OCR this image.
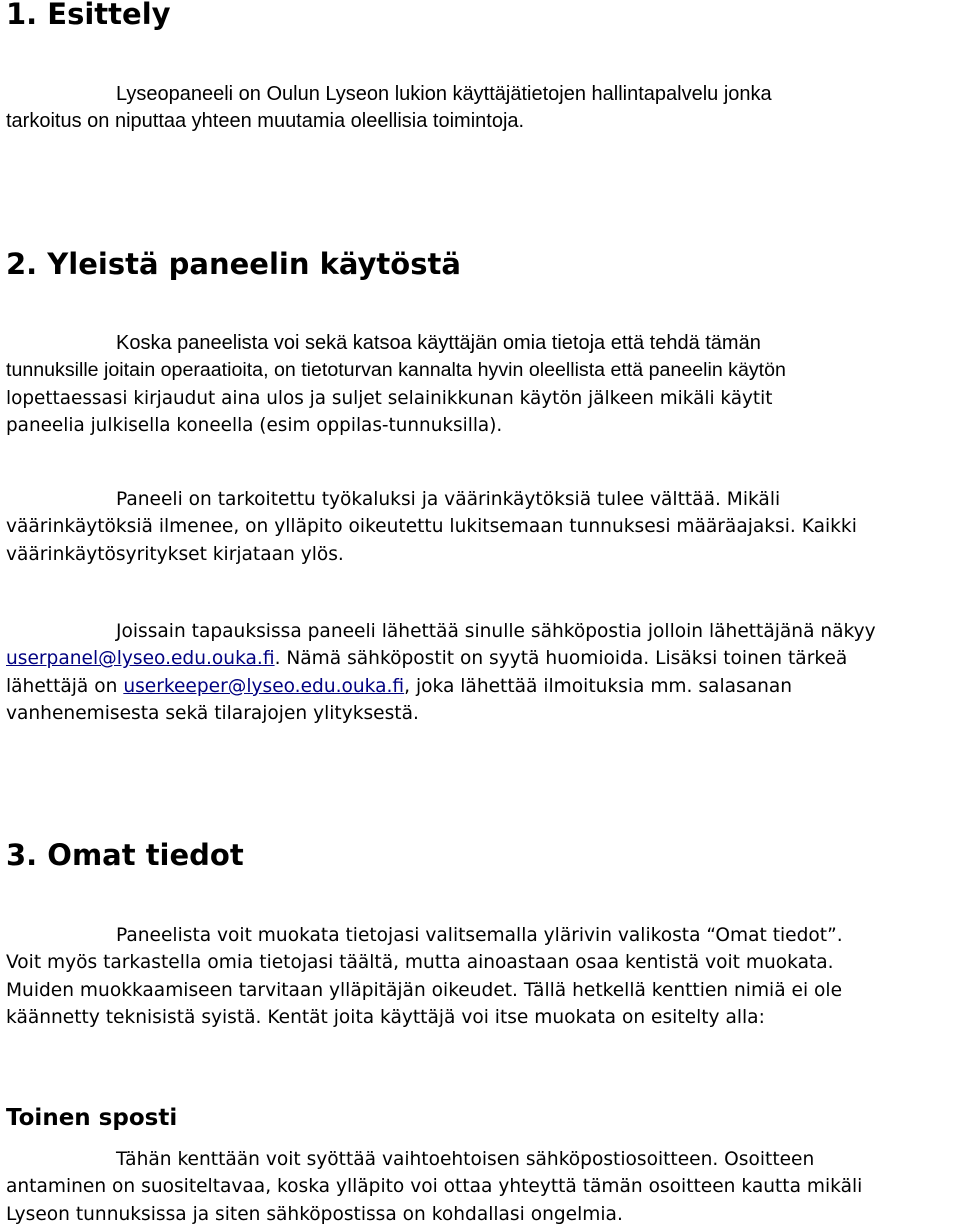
1. Esittely
Lyseopaneeli on Oulun Lyseon lukion käyttäjätietojen hallintapalvelu jonka
tarkoitus on niputtaa yhteen muutamia oleellisia toimintoja.
2. Yleistä paneelin käytöstä
Koska paneelista voi sekä katsoa käyttäjän omia tietoja että tehdä tämän
tunnuksille joitain operaatioita, on tietoturvan kannalta hyvin oleellista että paneelin käytön
lopettaessasi kirjaudut aina ulos ja suljet selainikkunan käytön jälkeen mikäli käytit
paneelia julkisella koneella (esim oppilas-tunnuksilla).
Paneeli on tarkoitettu työkaluksi ja väärinkäytöksiä tulee välttää. Mikäli
väärinkäytöksiä ilmenee, on ylläpito oikeutettu lukitsemaan tunnuksesi määräajaksi. Kaikki
väärinkäytösyritykset kirjataan ylös.
Joissain tapauksissa paneeli lähettää sinulle sähköpostia jolloin lähettäjänä näkyy
userpanel@lyseo.edu.ouka.fi. Nämä sähköpostit on syytä huomioida. Lisäksi toinen tärkeä
lähettäjä on userkeeper@lyseo.edu.ouka.fi, joka lähettää ilmoituksia mm. salasanan
vanhenemisesta sekä tilarajojen ylityksestä.
3. Omat tiedot
Paneelista voit muokata tietojasi valitsemalla ylärivin valikosta “Omat tiedot”.
Voit myös tarkastella omia tietojasi täältä, mutta ainoastaan osaa kentistä voit muokata.
Muiden muokkaamiseen tarvitaan ylläpitäjän oikeudet. Tällä hetkellä kenttien nimiä ei ole
käännetty teknisistä syistä. Kentät joita käyttäjä voi itse muokata on esitelty alla:
Toinen sposti
Tähän kenttään voit syöttää vaihtoehtoisen sähköpostiosoitteen. Osoitteen
antaminen on suositeltavaa, koska ylläpito voi ottaa yhteyttä tämän osoitteen kautta mikäli
Lyseon tunnuksissa ja siten sähköpostissa on kohdallasi ongelmia.
